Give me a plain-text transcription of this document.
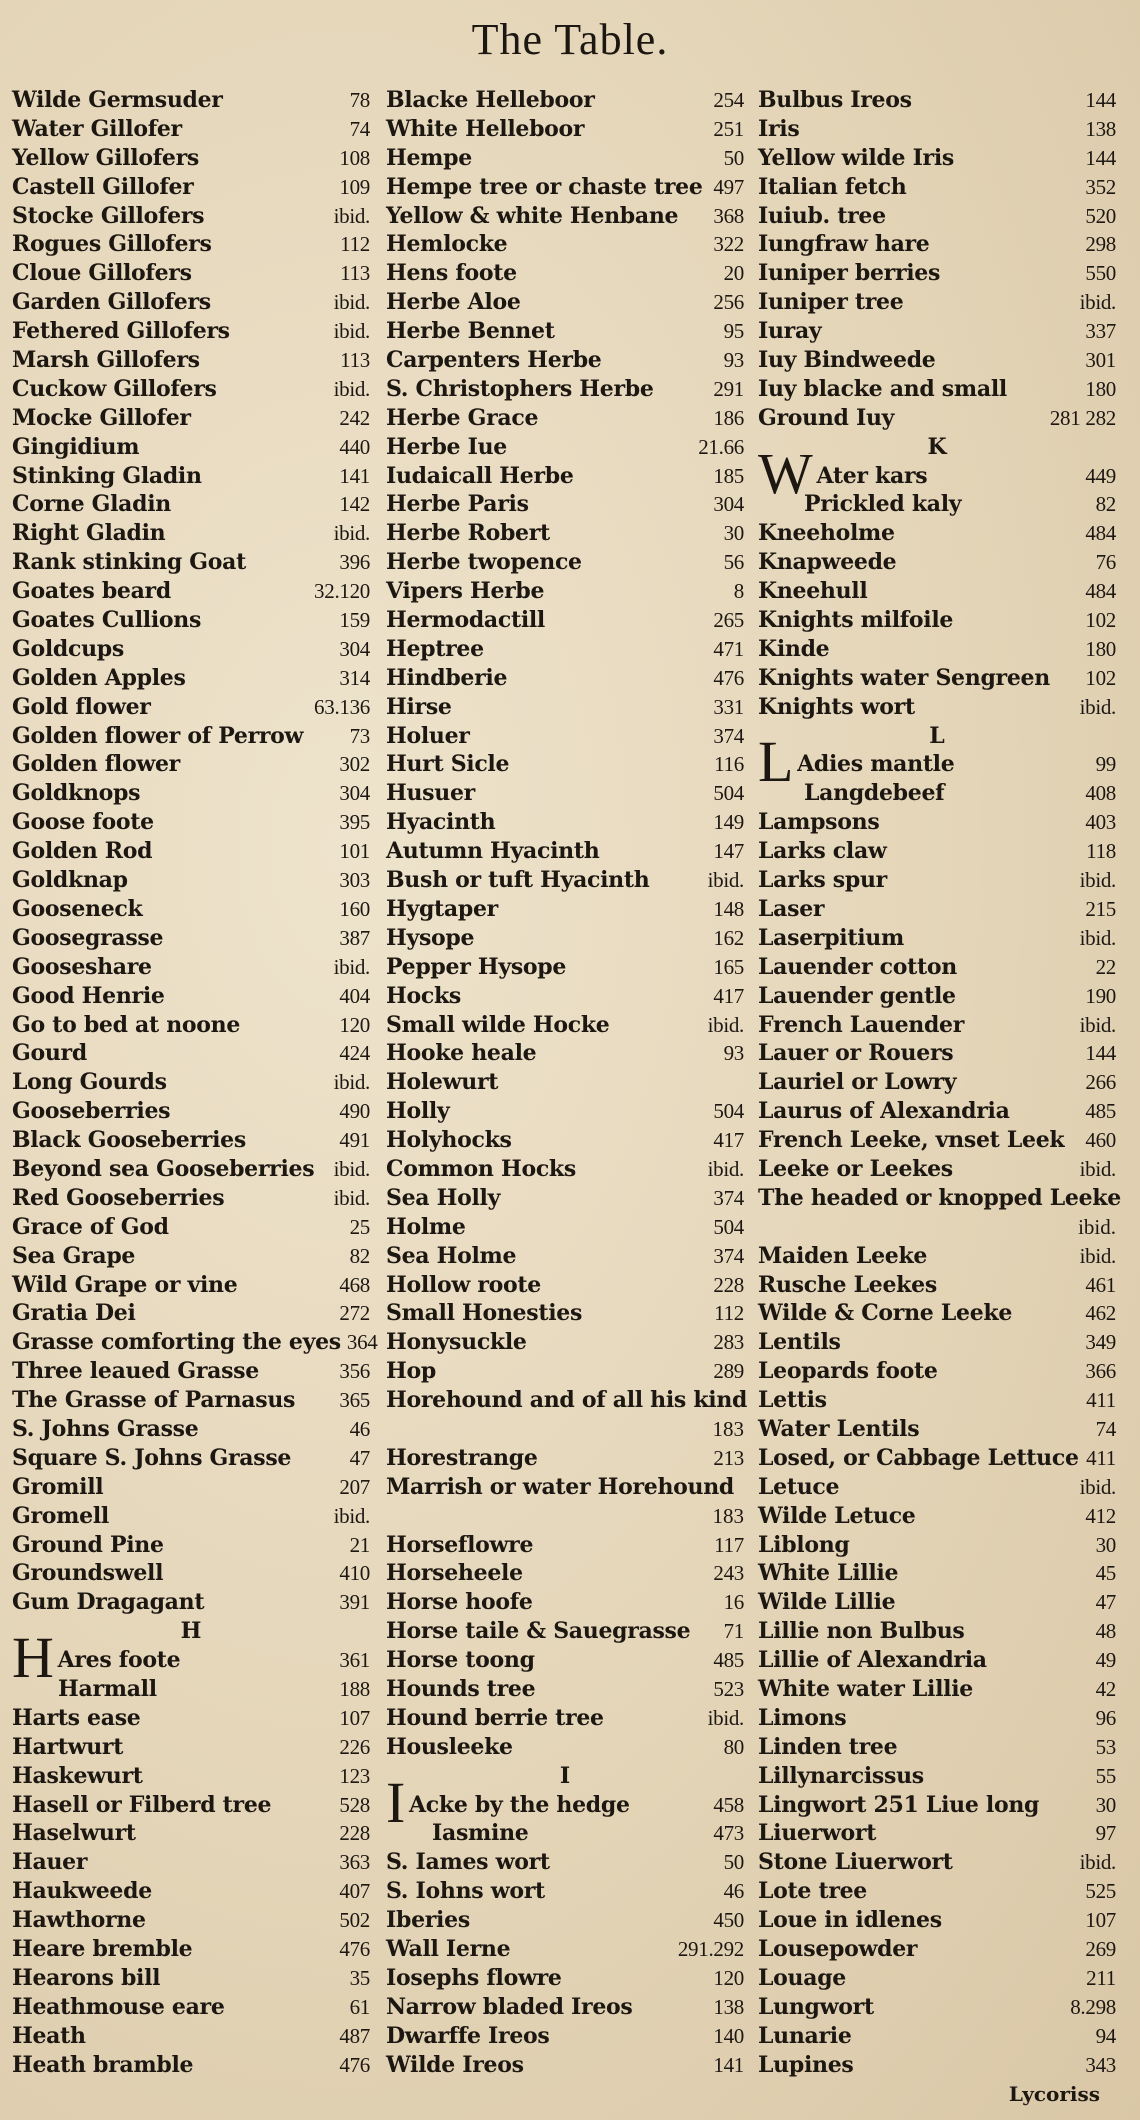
The Table.
Wilde Germsuder	78
Water Gillofer	74
Yellow Gillofers	108
Castell Gillofer	109
Stocke Gillofers	ibid.
Rogues Gillofers	112
Cloue Gillofers	113
Garden Gillofers	ibid.
Fethered Gillofers	ibid.
Marsh Gillofers	113
Cuckow Gillofers	ibid.
Mocke Gillofer	242
Gingidium	440
Stinking Gladin	141
Corne Gladin	142
Right Gladin	ibid.
Rank stinking Goat	396
Goates beard	32.120
Goates Cullions	159
Goldcups	304
Golden Apples	314
Gold flower	63.136
Golden flower of Perrow 73
Golden flower	302
Goldknops	304
Goose foote	395
Golden Rod	101
Goldknap	303
Gooseneck	160
Goosegrasse	387
Gooseshare	ibid.
Good Henrie	404
Go to bed at noone	120
Gourd	424
Long Gourds	ibid.
Gooseberries	490
Black Gooseberries	491
Beyond sea Gooseberries ibid.
Red Gooseberries	ibid.
Grace of God	25
Sea Grape	82
Wild Grape or vine	468
Gratia Dei	272
Grasse comforting the eyes 364
Three leaued Grasse	356
The Grasse of Parnasus 365
S. Johns Grasse	46
Square S. Johns Grasse	47
Gromill	207
Gromell	ibid.
Ground Pine	21
Groundswell	410
Gum Dragagant	391
H
H Ares foote	361
Harmall	188
Harts ease	107
Hartwurt	226
Haskewurt	123
Hasell or Filberd tree	528
Haselwurt	228
Hauer	363
Haukweede	407
Hawthorne	502
Heare bremble	476
Hearons bill	35
Heathmouse eare	61
Heath	487
Heath bramble	476
Blacke Helleboor	254
White Helleboor	251
Hempe	50
Hempe tree or chaste tree 497
Yellow & white Henbane 368
Hemlocke	322
Hens foote	20
Herbe Aloe	256
Herbe Bennet	95
Carpenters Herbe	93
S. Christophers Herbe	291
Herbe Grace	186
Herbe Iue	21.66
Iudaicall Herbe	185
Herbe Paris	304
Herbe Robert	30
Herbe twopence	56
Vipers Herbe	8
Hermodactill	265
Heptree	471
Hindberie	476
Hirse	331
Holuer	374
Hurt Sicle	116
Husuer	504
Hyacinth	149
Autumn Hyacinth	147
Bush or tuft Hyacinth	ibid.
Hygtaper	148
Hysope	162
Pepper Hysope	165
Hocks	417
Small wilde Hocke	ibid.
Hooke heale	93
Holewurt
Holly	504
Holyhocks	417
Common Hocks	ibid.
Sea Holly	374
Holme	504
Sea Holme	374
Hollow roote	228
Small Honesties	112
Honysuckle	283
Hop	289
Horehound and of all his kind
183
Horestrange	213
Marrish or water Horehound
183
Horseflowre	117
Horseheele	243
Horse hoofe	16
Horse taile & Sauegrasse 71
Horse toong	485
Hounds tree	523
Hound berrie tree	ibid.
Housleeke	80
I
I Acke by the hedge	458
Iasmine	473
S. Iames wort	50
S. Iohns wort	46
Iberies	450
Wall Ierne	291.292
Iosephs flowre	120
Narrow bladed Ireos	138
Dwarffe Ireos	140
Wilde Ireos	141
Bulbus Ireos	144
Iris	138
Yellow wilde Iris	144
Italian fetch	352
Iuiub. tree	520
Iungfraw hare	298
Iuniper berries	550
Iuniper tree	ibid.
Iuray	337
Iuy Bindweede	301
Iuy blacke and small	180
Ground Iuy	281 282
K
W Ater kars	449
Prickled kaly	82
Kneeholme	484
Knapweede	76
Kneehull	484
Knights milfoile	102
Kinde	180
Knights water Sengreen 102
Knights wort	ibid.
L
L Adies mantle	99
Langdebeef	408
Lampsons	403
Larks claw	118
Larks spur	ibid.
Laser	215
Laserpitium	ibid.
Lauender cotton	22
Lauender gentle	190
French Lauender	ibid.
Lauer or Rouers	144
Lauriel or Lowry	266
Laurus of Alexandria	485
French Leeke, vnset Leek 460
Leeke or Leekes	ibid.
The headed or knopped Leeke
ibid.
Maiden Leeke	ibid.
Rusche Leekes	461
Wilde & Corne Leeke	462
Lentils	349
Leopards foote	366
Lettis	411
Water Lentils	74
Losed, or Cabbage Lettuce 411
Letuce	ibid.
Wilde Letuce	412
Liblong	30
White Lillie	45
Wilde Lillie	47
Lillie non Bulbus	48
Lillie of Alexandria	49
White water Lillie	42
Limons	96
Linden tree	53
Lillynarcissus	55
Lingwort 251 Liue long	30
Liuerwort	97
Stone Liuerwort	ibid.
Lote tree	525
Loue in idlenes	107
Lousepowder	269
Louage	211
Lungwort	8.298
Lunarie	94
Lupines	343
Lycoriss
